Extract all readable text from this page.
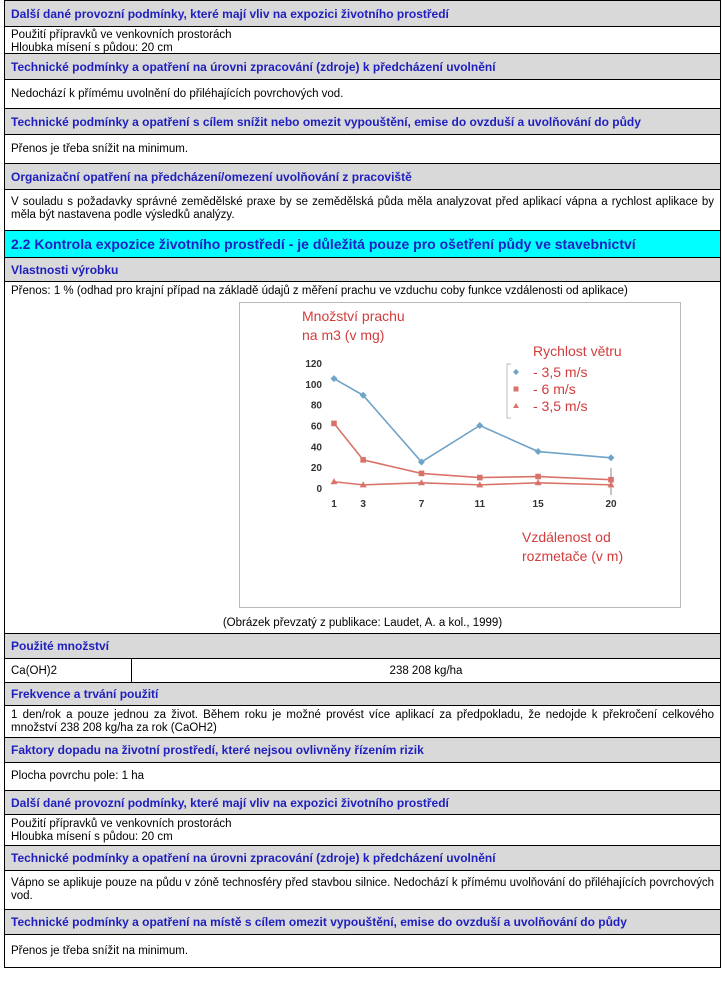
Další dané provozní podmínky, které mají vliv na expozici životního prostředí
Použití přípravků ve venkovních prostorách
Hloubka mísení s půdou: 20 cm
Technické podmínky a opatření na úrovni zpracování (zdroje) k předcházení uvolnění
Nedochází k přímému uvolnění do přiléhajících povrchových vod.
Technické podmínky a opatření s cílem snížit nebo omezit vypouštění, emise do ovzduší a uvolňování do půdy
Přenos je třeba snížit na minimum.
Organizační opatření na předcházení/omezení uvolňování z pracoviště
V souladu s požadavky správné zemědělské praxe by se zemědělská půda měla analyzovat před aplikací vápna a rychlost aplikace by měla být nastavena podle výsledků analýzy.
2.2 Kontrola expozice životního prostředí - je důležitá pouze pro ošetření půdy ve stavebnictví
Vlastnosti výrobku
Přenos: 1 % (odhad pro krajní případ na základě údajů z měření prachu ve vzduchu coby funkce vzdálenosti od aplikace)
0
20
40
60
80
100
120
1 3	7	11	15	20
Množství prachu
na m3 (v mg)
Rychlost větru
- 3,5 m/s
- 6 m/s
- 3,5 m/s
Vzdálenost od
rozmetače (v m)
(Obrázek převzatý z publikace: Laudet, A. a kol., 1999)
Použité množství
Ca(OH)2	238 208 kg/ha
Frekvence a trvání použití
1 den/rok a pouze jednou za život. Během roku je možné provést více aplikací za předpokladu, že nedojde k překročení celkového množství 238 208 kg/ha za rok (CaOH2)
Faktory dopadu na životní prostředí, které nejsou ovlivněny řízením rizik
Plocha povrchu pole: 1 ha
Další dané provozní podmínky, které mají vliv na expozici životního prostředí
Použití přípravků ve venkovních prostorách
Hloubka mísení s půdou: 20 cm
Technické podmínky a opatření na úrovni zpracování (zdroje) k předcházení uvolnění
Vápno se aplikuje pouze na půdu v zóně technosféry před stavbou silnice. Nedochází k přímému uvolňování do přiléhajících povrchových vod.
Technické podmínky a opatření na místě s cílem omezit vypouštění, emise do ovzduší a uvolňování do půdy
Přenos je třeba snížit na minimum.
